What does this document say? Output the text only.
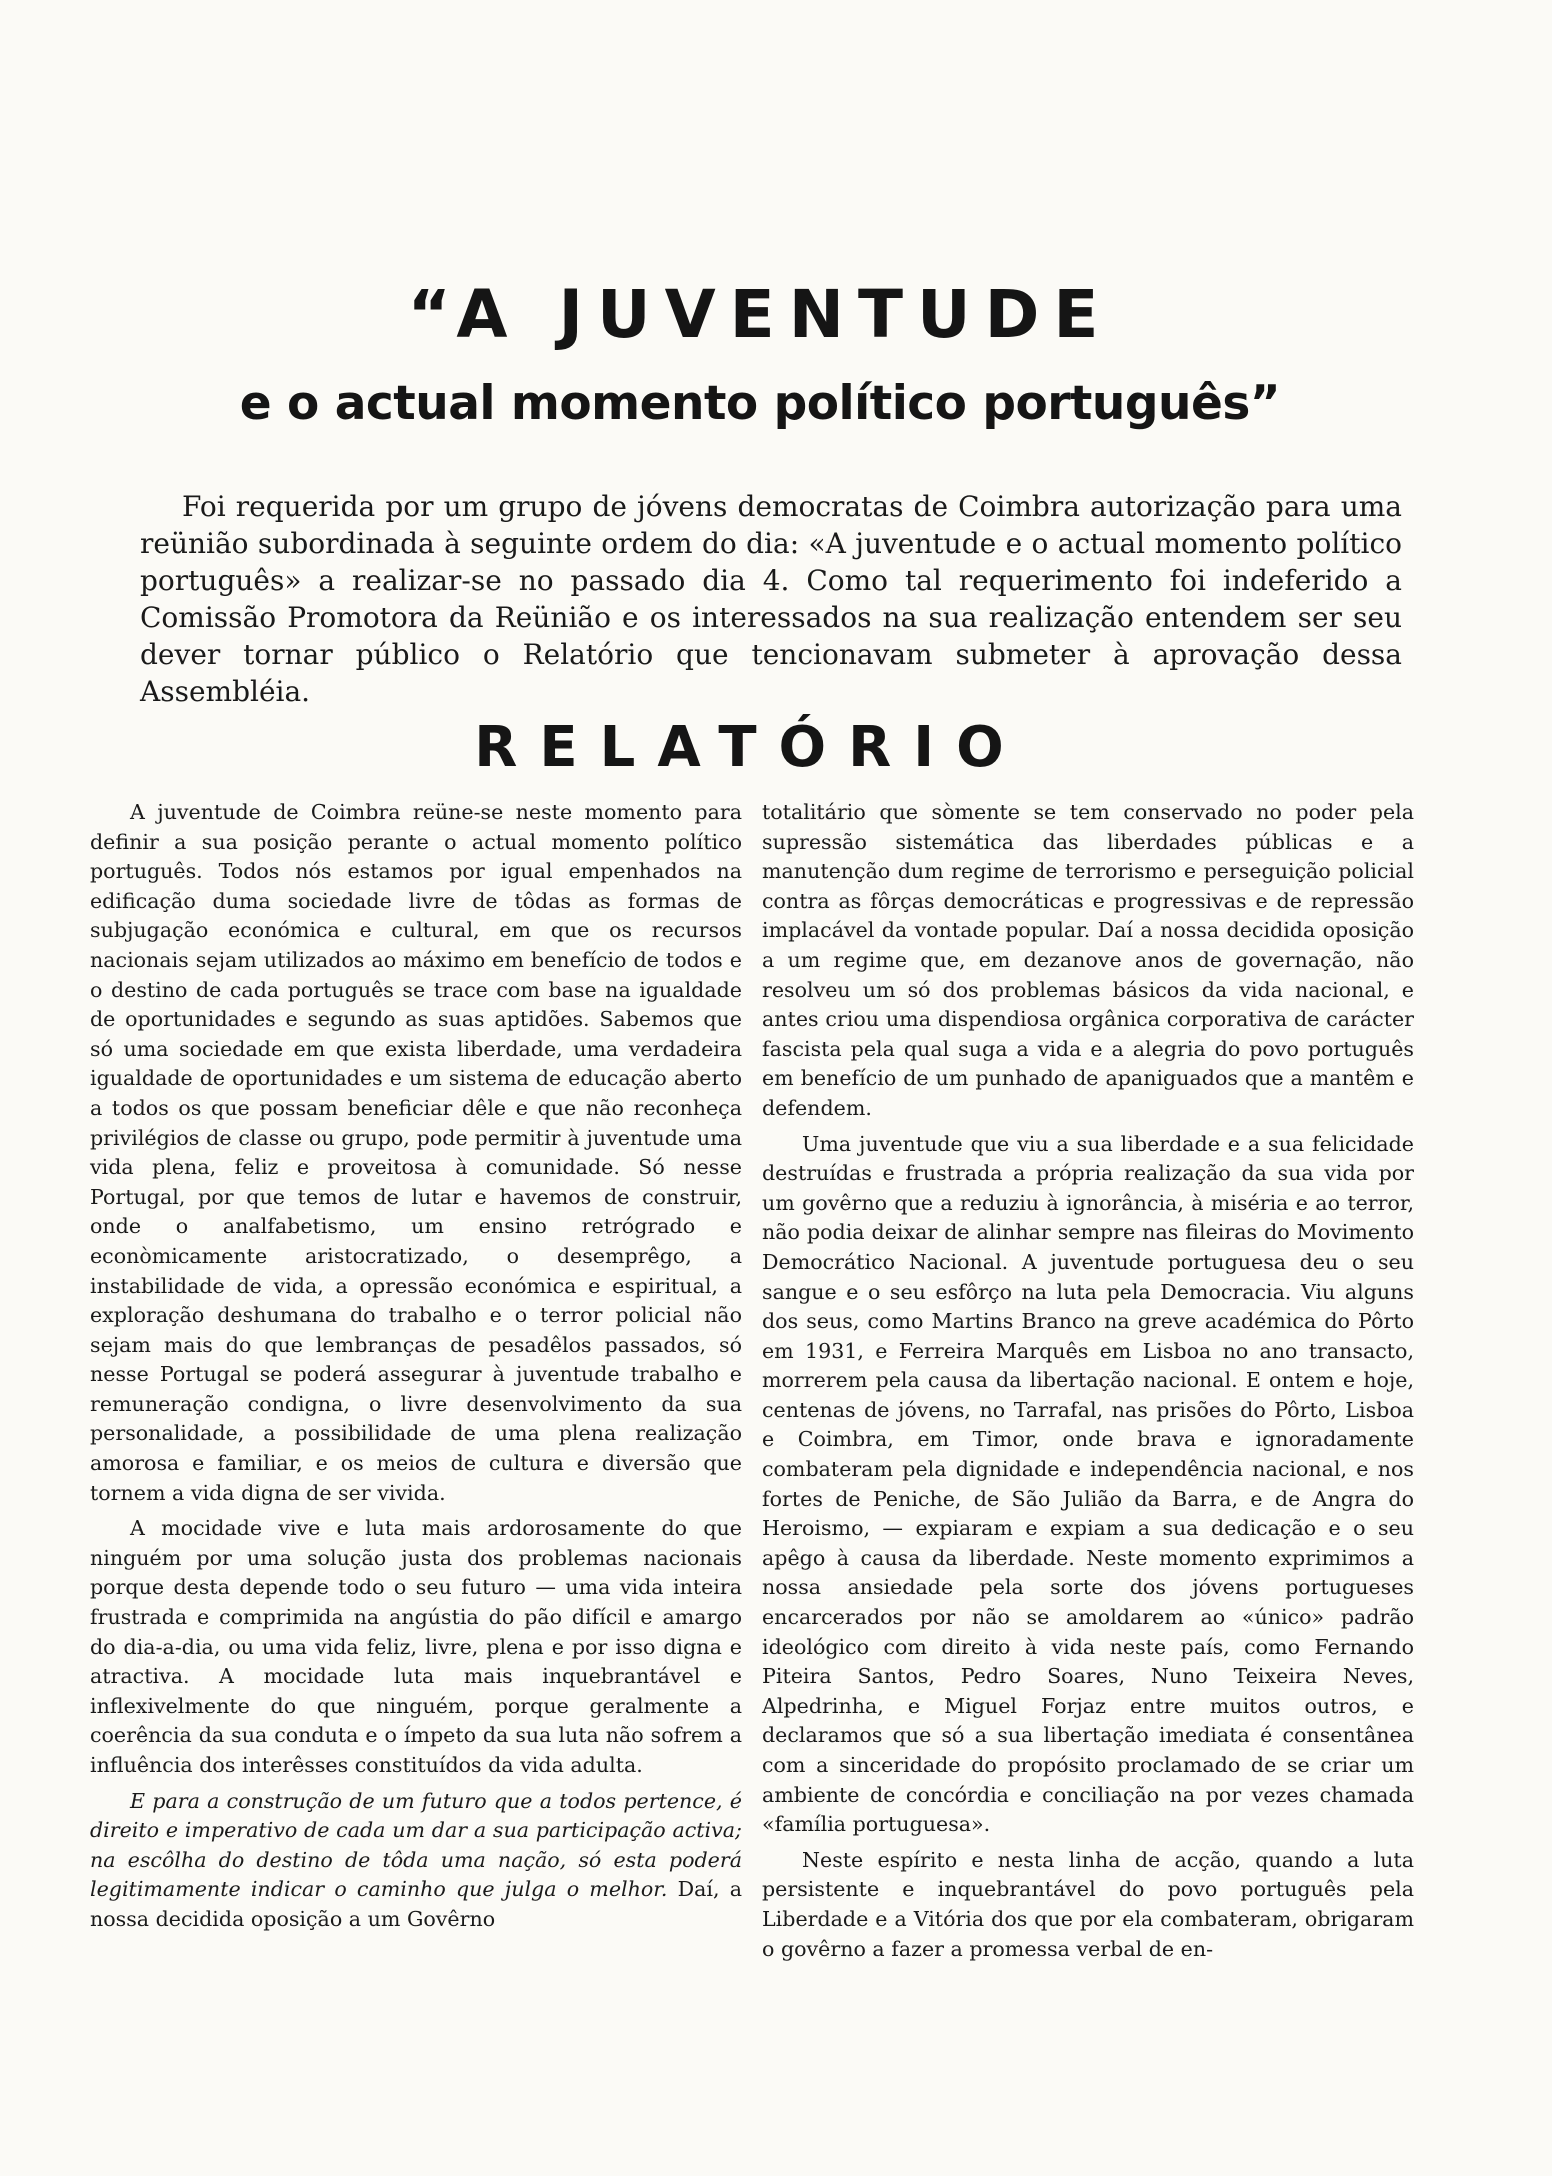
“A JUVENTUDE
e o actual momento político português”

Foi requerida por um grupo de jóvens democratas de Coimbra autorização para uma reünião subordinada à seguinte ordem do dia: «A juventude e o actual momento político português» a realizar-se no passado dia 4. Como tal requerimento foi indeferido a Comissão Promotora da Reünião e os interessados na sua realização entendem ser seu dever tornar público o Relatório que tencionavam submeter à aprovação dessa Assembléia.

RELATÓRIO

A juventude de Coimbra reüne-se neste momento para definir a sua posição perante o actual momento político português. Todos nós estamos por igual empenhados na edificação duma sociedade livre de tôdas as formas de subjugação económica e cultural, em que os recursos nacionais sejam utilizados ao máximo em benefício de todos e o destino de cada português se trace com base na igualdade de oportunidades e segundo as suas aptidões. Sabemos que só uma sociedade em que exista liberdade, uma verdadeira igualdade de oportunidades e um sistema de educação aberto a todos os que possam beneficiar dêle e que não reconheça privilégios de classe ou grupo, pode permitir à juventude uma vida plena, feliz e proveitosa à comunidade. Só nesse Portugal, por que temos de lutar e havemos de construir, onde o analfabetismo, um ensino retrógrado e econòmicamente aristocratizado, o desemprêgo, a instabilidade de vida, a opressão económica e espiritual, a exploração deshumana do trabalho e o terror policial não sejam mais do que lembranças de pesadêlos passados, só nesse Portugal se poderá assegurar à juventude trabalho e remuneração condigna, o livre desenvolvimento da sua personalidade, a possibilidade de uma plena realização amorosa e familiar, e os meios de cultura e diversão que tornem a vida digna de ser vivida.

A mocidade vive e luta mais ardorosamente do que ninguém por uma solução justa dos problemas nacionais porque desta depende todo o seu futuro — uma vida inteira frustrada e comprimida na angústia do pão difícil e amargo do dia-a-dia, ou uma vida feliz, livre, plena e por isso digna e atractiva. A mocidade luta mais inquebrantável e inflexivelmente do que ninguém, porque geralmente a coerência da sua conduta e o ímpeto da sua luta não sofrem a influência dos interêsses constituídos da vida adulta.

E para a construção de um futuro que a todos pertence, é direito e imperativo de cada um dar a sua participação activa; na escôlha do destino de tôda uma nação, só esta poderá legitimamente indicar o caminho que julga o melhor. Daí, a nossa decidida oposição a um Govêrno

totalitário que sòmente se tem conservado no poder pela supressão sistemática das liberdades públicas e a manutenção dum regime de terrorismo e perseguição policial contra as fôrças democráticas e progressivas e de repressão implacável da vontade popular. Daí a nossa decidida oposição a um regime que, em dezanove anos de governação, não resolveu um só dos problemas básicos da vida nacional, e antes criou uma dispendiosa orgânica corporativa de carácter fascista pela qual suga a vida e a alegria do povo português em benefício de um punhado de apaniguados que a mantêm e defendem.

Uma juventude que viu a sua liberdade e a sua felicidade destruídas e frustrada a própria realização da sua vida por um govêrno que a reduziu à ignorância, à miséria e ao terror, não podia deixar de alinhar sempre nas fileiras do Movimento Democrático Nacional. A juventude portuguesa deu o seu sangue e o seu esfôrço na luta pela Democracia. Viu alguns dos seus, como Martins Branco na greve académica do Pôrto em 1931, e Ferreira Marquês em Lisboa no ano transacto, morrerem pela causa da libertação nacional. E ontem e hoje, centenas de jóvens, no Tarrafal, nas prisões do Pôrto, Lisboa e Coimbra, em Timor, onde brava e ignoradamente combateram pela dignidade e independência nacional, e nos fortes de Peniche, de São Julião da Barra, e de Angra do Heroismo, — expiaram e expiam a sua dedicação e o seu apêgo à causa da liberdade. Neste momento exprimimos a nossa ansiedade pela sorte dos jóvens portugueses encarcerados por não se amoldarem ao «único» padrão ideológico com direito à vida neste país, como Fernando Piteira Santos, Pedro Soares, Nuno Teixeira Neves, Alpedrinha, e Miguel Forjaz entre muitos outros, e declaramos que só a sua libertação imediata é consentânea com a sinceridade do propósito proclamado de se criar um ambiente de concórdia e conciliação na por vezes chamada «família portuguesa».

Neste espírito e nesta linha de acção, quando a luta persistente e inquebrantável do povo português pela Liberdade e a Vitória dos que por ela combateram, obrigaram o govêrno a fazer a promessa verbal de en-
